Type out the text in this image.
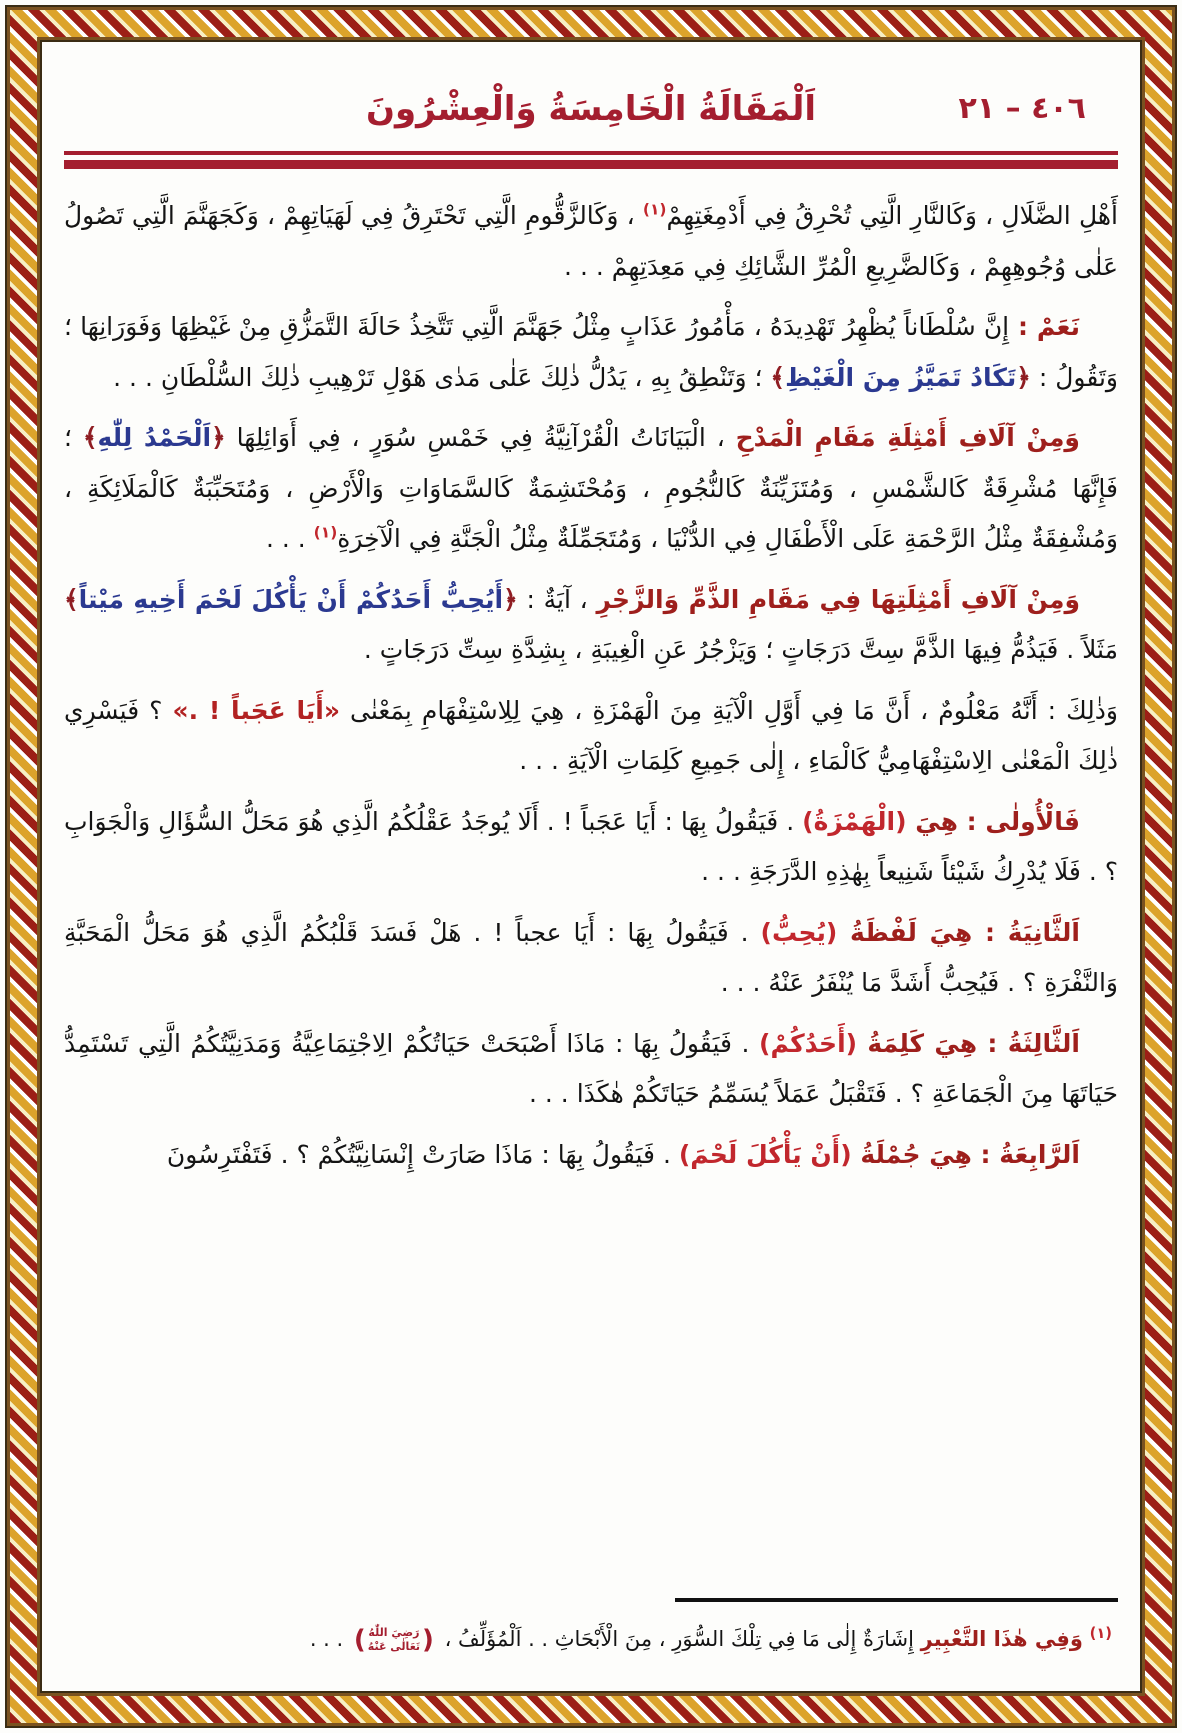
اَلْمَقَالَةُ الْخَامِسَةُ وَالْعِشْرُونَ	٤٠٦ – ٢١

أَهْلِ الضَّلَالِ ، وَكَالنَّارِ الَّتِي تُحْرِقُ فِي أَدْمِغَتِهِمْ$^{(١)}$ ، وَكَالزَّقُّومِ الَّتِي تَحْتَرِقُ فِي لَهَيَاتِهِمْ ، وَكَجَهَنَّمَ الَّتِي تَصُولُ عَلٰى وُجُوهِهِمْ ، وَكَالضَّرِيعِ الْمُرِّ الشَّائِكِ فِي مَعِدَتِهِمْ . . .

نَعَمْ : إِنَّ سُلْطَاناً يُظْهِرُ تَهْدِيدَهُ ، مَأْمُورُ عَذَابٍ مِثْلُ جَهَنَّمَ الَّتِي تَتَّخِذُ حَالَةَ التَّمَزُّقِ مِنْ غَيْظِهَا وَفَوَرَانِهَا ؛ وَتَقُولُ : ﴿تَكَادُ تَمَيَّزُ مِنَ الْغَيْظِ﴾ ؛ وَتَنْطِقُ بِهِ ، يَدُلُّ ذٰلِكَ عَلٰى مَدٰى هَوْلِ تَرْهِيبِ ذٰلِكَ السُّلْطَانِ . . .

وَمِنْ آلَافِ أَمْثِلَةِ مَقَامِ الْمَدْحِ ، الْبَيَانَاتُ الْقُرْآنِيَّةُ فِي خَمْسِ سُوَرٍ ، فِي أَوَائِلِهَا ﴿اَلْحَمْدُ لِلّٰهِ﴾ ؛ فَإِنَّهَا مُشْرِقَةٌ كَالشَّمْسِ ، وَمُتَزَيِّنَةٌ كَالنُّجُومِ ، وَمُحْتَشِمَةٌ كَالسَّمَاوَاتِ وَالْأَرْضِ ، وَمُتَحَبِّبَةٌ كَالْمَلَائِكَةِ ، وَمُشْفِقَةٌ مِثْلُ الرَّحْمَةِ عَلَى الْأَطْفَالِ فِي الدُّنْيَا ، وَمُتَجَمِّلَةٌ مِثْلُ الْجَنَّةِ فِي الْآخِرَةِ$^{(١)}$ . . .

وَمِنْ آلَافِ أَمْثِلَتِهَا فِي مَقَامِ الذَّمِّ وَالزَّجْرِ ، آيَةٌ : ﴿أَيُحِبُّ أَحَدُكُمْ أَنْ يَأْكُلَ لَحْمَ أَخِيهِ مَيْتاً﴾ مَثَلاً . فَيَذُمُّ فِيهَا الذَّمَّ سِتَّ دَرَجَاتٍ ؛ وَيَزْجُرُ عَنِ الْغِيبَةِ ، بِشِدَّةِ سِتِّ دَرَجَاتٍ .

وَذٰلِكَ : أَنَّهُ مَعْلُومٌ ، أَنَّ مَا فِي أَوَّلِ الْآيَةِ مِنَ الْهَمْزَةِ ، هِيَ لِلِاسْتِفْهَامِ بِمَعْنٰى «أَيَا عَجَباً ! .» ؟ فَيَسْرِي ذٰلِكَ الْمَعْنٰى الِاسْتِفْهَامِيُّ كَالْمَاءِ ، إِلٰى جَمِيعِ كَلِمَاتِ الْآيَةِ . . .

فَالْأُولٰى : هِيَ (الْهَمْزَةُ) . فَيَقُولُ بِهَا : أَيَا عَجَباً ! . أَلَا يُوجَدُ عَقْلُكُمُ الَّذِي هُوَ مَحَلُّ السُّؤَالِ وَالْجَوَابِ ؟ . فَلَا يُدْرِكُ شَيْئاً شَنِيعاً بِهٰذِهِ الدَّرَجَةِ . . .

اَلثَّانِيَةُ : هِيَ لَفْظَةُ (يُحِبُّ) . فَيَقُولُ بِهَا : أَيَا عجباً ! . هَلْ فَسَدَ قَلْبُكُمُ الَّذِي هُوَ مَحَلُّ الْمَحَبَّةِ وَالنَّفْرَةِ ؟ . فَيُحِبُّ أَشَدَّ مَا يُنْفَرُ عَنْهُ . . .

اَلثَّالِثَةُ : هِيَ كَلِمَةُ (أَحَدُكُمْ) . فَيَقُولُ بِهَا : مَاذَا أَصْبَحَتْ حَيَاتُكُمْ الِاجْتِمَاعِيَّةُ وَمَدَنِيَّتُكُمُ الَّتِي تَسْتَمِدُّ حَيَاتَهَا مِنَ الْجَمَاعَةِ ؟ . فَتَقْبَلُ عَمَلاً يُسَمِّمُ حَيَاتَكُمْ هٰكَذَا . . .

اَلرَّابِعَةُ : هِيَ جُمْلَةُ (أَنْ يَأْكُلَ لَحْمَ) . فَيَقُولُ بِهَا : مَاذَا صَارَتْ إِنْسَانِيَّتُكُمْ ؟ . فَتَفْتَرِسُونَ

$^{(١)}$ وَفِي هٰذَا التَّعْبِيرِ إِشَارَةٌ إِلٰى مَا فِي تِلْكَ السُّوَرِ ، مِنَ الْأَبْحَاثِ . . اَلْمُؤَلِّفُ ،
(
رَضِيَ اللّٰهُ
تَعَالٰى عَنْهُ
)
. . .
